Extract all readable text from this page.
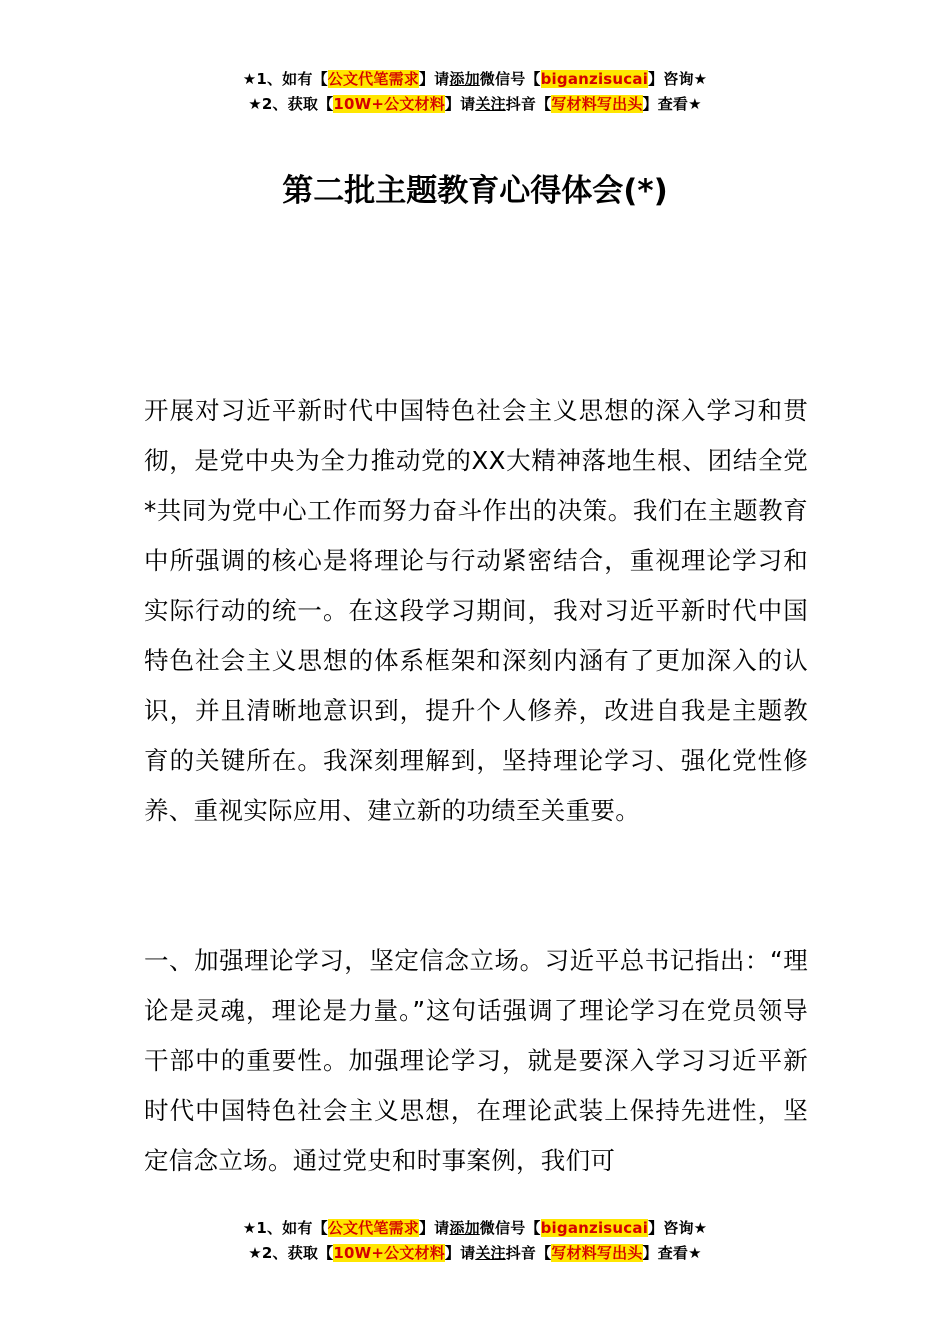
★1、如有【公文代笔需求】请添加微信号【biganzisucai】咨询★
★2、获取【10W+公文材料】请关注抖音【写材料写出头】查看★
第二批主题教育心得体会(*)

开展对习近平新时代中国特色社会主义思想的深入学习和贯彻，是党中央为全力推动党的XX大精神落地生根、团结全党*共同为党中心工作而努力奋斗作出的决策。我们在主题教育中所强调的核心是将理论与行动紧密结合，重视理论学习和实际行动的统一。在这段学习期间，我对习近平新时代中国特色社会主义思想的体系框架和深刻内涵有了更加深入的认识，并且清晰地意识到，提升个人修养，改进自我是主题教育的关键所在。我深刻理解到，坚持理论学习、强化党性修养、重视实际应用、建立新的功绩至关重要。

一、加强理论学习，坚定信念立场。习近平总书记指出：“理论是灵魂，理论是力量。”这句话强调了理论学习在党员领导干部中的重要性。加强理论学习，就是要深入学习习近平新时代中国特色社会主义思想，在理论武装上保持先进性，坚定信念立场。通过党史和时事案例，我们可

★1、如有【公文代笔需求】请添加微信号【biganzisucai】咨询★
★2、获取【10W+公文材料】请关注抖音【写材料写出头】查看★
